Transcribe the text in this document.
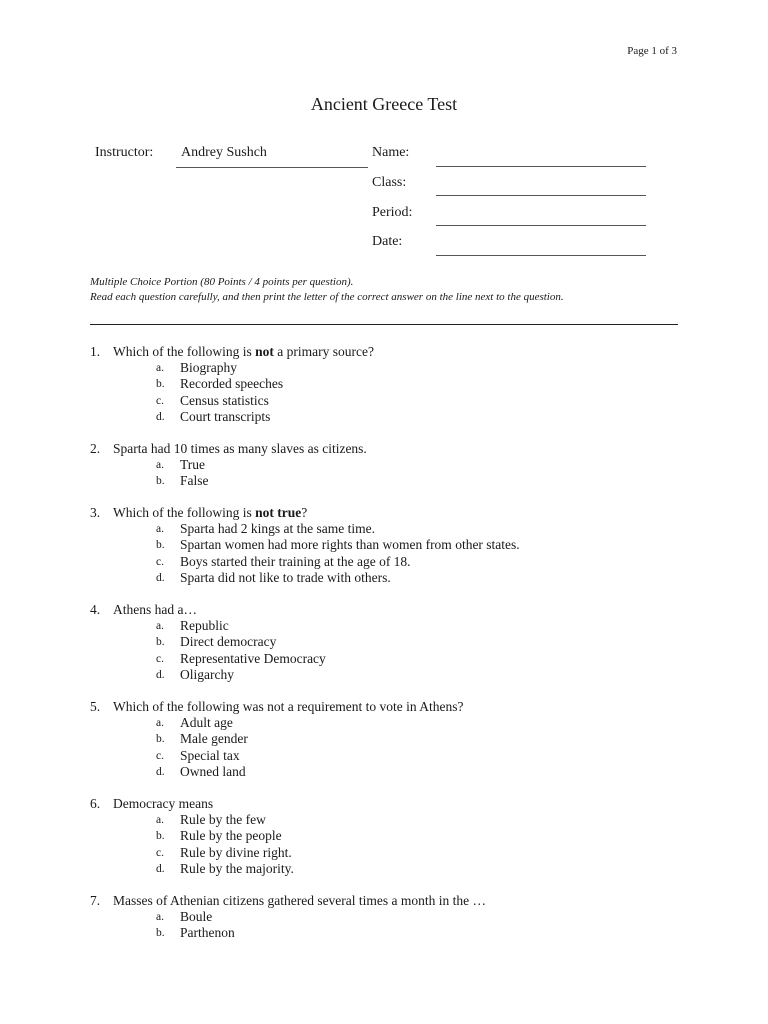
Page 1 of 3
Ancient Greece Test
Instructor: Andrey Sushch	Name:
Class:
Period:
Date:
Multiple Choice Portion (80 Points / 4 points per question).
Read each question carefully, and then print the letter of the correct answer on the line next to the question.
1. Which of the following is not a primary source?
a.	Biography
b.	Recorded speeches
c.	Census statistics
d.	Court transcripts
2. Sparta had 10 times as many slaves as citizens.
a.	True
b.	False
3. Which of the following is not true?
a.	Sparta had 2 kings at the same time.
b.	Spartan women had more rights than women from other states.
c.	Boys started their training at the age of 18.
d.	Sparta did not like to trade with others.
4. Athens had a…
a.	Republic
b.	Direct democracy
c.	Representative Democracy
d.	Oligarchy
5. Which of the following was not a requirement to vote in Athens?
a.	Adult age
b.	Male gender
c.	Special tax
d.	Owned land
6. Democracy means
a.	Rule by the few
b.	Rule by the people
c.	Rule by divine right.
d.	Rule by the majority.
7. Masses of Athenian citizens gathered several times a month in the …
a.	Boule
b.	Parthenon
